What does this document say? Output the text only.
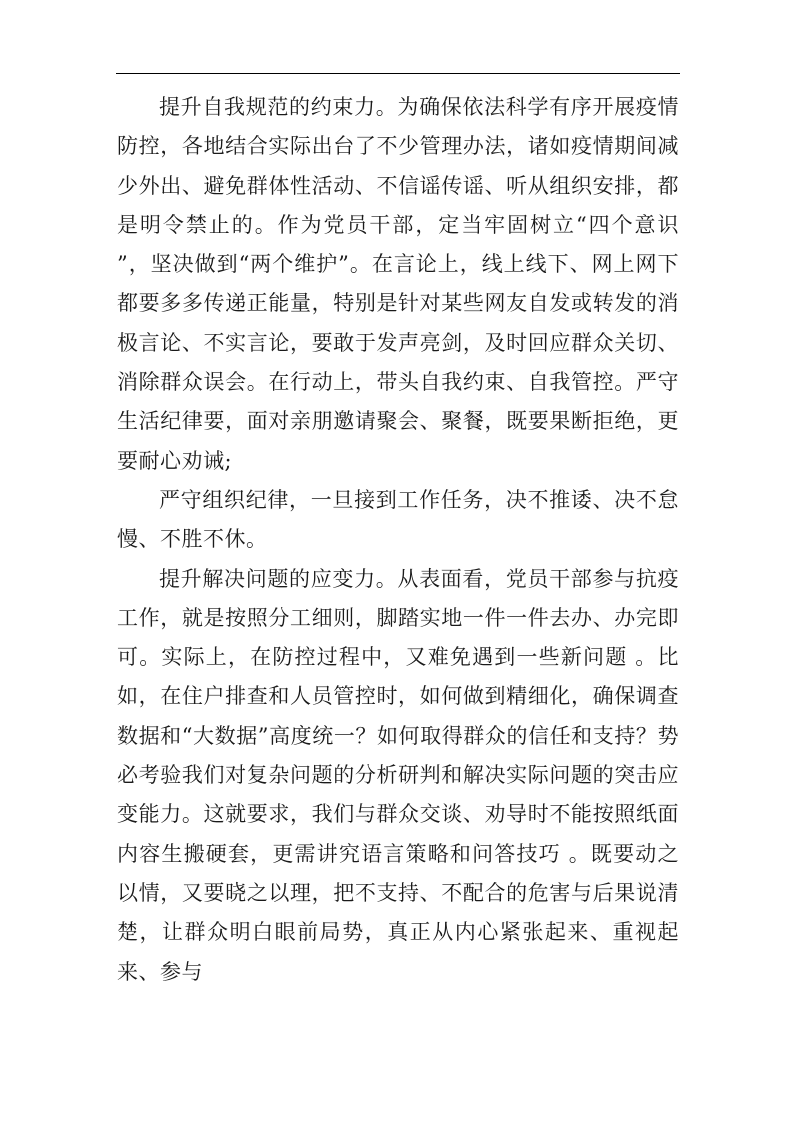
提升自我规范的约束力。为确保依法科学有序开展疫情防控，各地结合实际出台了不少管理办法，诸如疫情期间减少外出、避免群体性活动、不信谣传谣、听从组织安排，都是明令禁止的。作为党员干部，定当牢固树立“四个意识 ”，坚决做到“两个维护”。在言论上，线上线下、网上网下都要多多传递正能量，特别是针对某些网友自发或转发的消极言论、不实言论，要敢于发声亮剑，及时回应群众关切、消除群众误会。在行动上，带头自我约束、自我管控。严守生活纪律要，面对亲朋邀请聚会、聚餐，既要果断拒绝，更要耐心劝诫;

严守组织纪律，一旦接到工作任务，决不推诿、决不怠慢、不胜不休。

提升解决问题的应变力。从表面看，党员干部参与抗疫工作，就是按照分工细则，脚踏实地一件一件去办、办完即可。实际上，在防控过程中，又难免遇到一些新问题 。比如，在住户排查和人员管控时，如何做到精细化，确保调查数据和“大数据”高度统一？如何取得群众的信任和支持？势必考验我们对复杂问题的分析研判和解决实际问题的突击应变能力。这就要求，我们与群众交谈、劝导时不能按照纸面内容生搬硬套，更需讲究语言策略和问答技巧 。既要动之以情，又要晓之以理，把不支持、不配合的危害与后果说清楚，让群众明白眼前局势，真正从内心紧张起来、重视起来、参与
